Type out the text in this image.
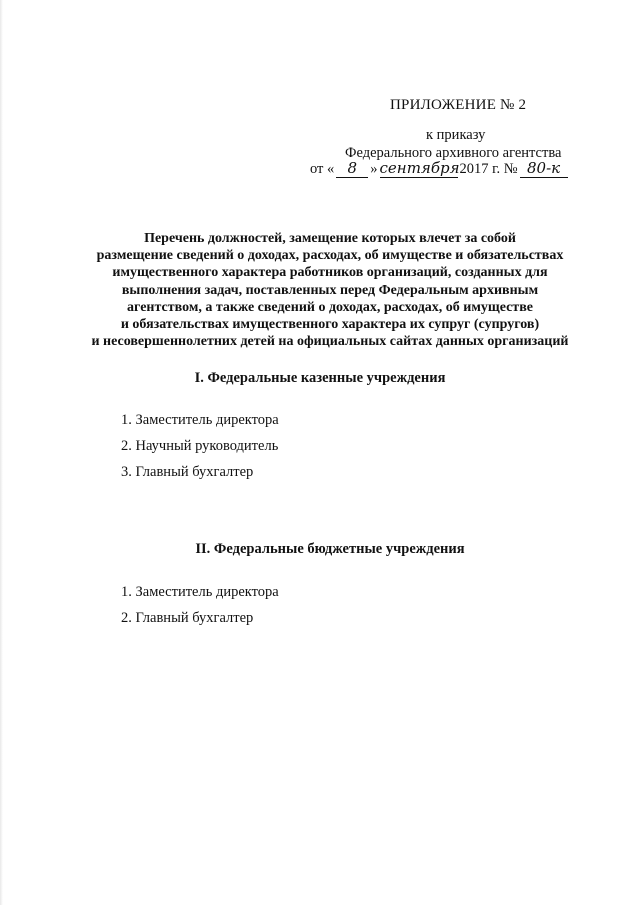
ПРИЛОЖЕНИЕ № 2

к приказу
Федерального архивного агентства
от « 8 » сентября 2017 г. № 80-к
Перечень должностей, замещение которых влечет за собой
размещение сведений о доходах, расходах, об имуществе и обязательствах
имущественного характера работников организаций, созданных для
выполнения задач, поставленных перед Федеральным архивным
агентством, а также сведений о доходах, расходах, об имуществе
и обязательствах имущественного характера их супруг (супругов)
и несовершеннолетних детей на официальных сайтах данных организаций
I. Федеральные казенные учреждения
1. Заместитель директора
2. Научный руководитель
3. Главный бухгалтер
II. Федеральные бюджетные учреждения
1. Заместитель директора
2. Главный бухгалтер
